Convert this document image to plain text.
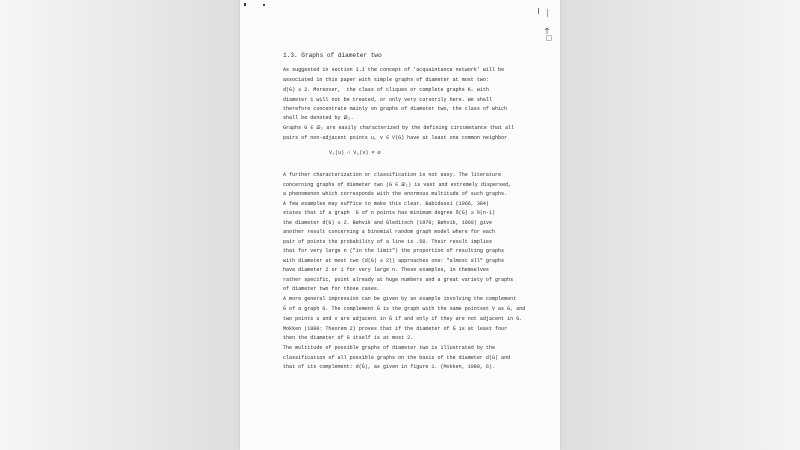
1.3. Graphs of diameter two
As suggested in section 1.1 the concept of 'acquaintance network' will be
associated in this paper with simple graphs of diameter at most two:
d(G) ≤ 2. Moreover,  the class of cliques or complete graphs Kₙ with
diameter 1 will not be treated, or only very cursorily here. We shall
therefore concentrate mainly on graphs of diameter two, the class of which
shall be denoted by 𝒟₂.
Graphs G ∈ 𝒟₂ are easily characterized by the defining circumstance that all
pairs of non-adjacent points u, v ∈ V(G) have at least one common neighbor
V₁(u) ∩ V₁(v) ≠ ∅
A further characterization or classification is not easy. The literature
concerning graphs of diameter two (G ∈ 𝒟₂) is vast and extremely dispersed,
a phenomenon which corresponds with the enormous multitude of such graphs.
A few examples may suffice to make this clear. Babidussi (1966, 384)
states that if a graph  G of n points has minimum degree δ(G) ≥ ½(n-1)
the diameter d(G) ≤ 2. Bøhvik and Gleditsch (1970; Bøhvik, 1969) give
another result concerning a binomial random graph model where for each
pair of points the probability of a line is .50. Their result implies
that for very large n ("in the limit") the proportion of resulting graphs
with diameter at most two (d(G) ≤ 2)) approaches one: "almost all" graphs
have diameter 2 or 1 for very large n. These examples, in themselves
rather specific, point already at huge numbers and a great variety of graphs
of diameter two for those cases.
A more general impression can be given by an example involving the complement
Ḡ of a graph G. The complement Ḡ is the graph with the same pointset V as G, and
two points u and v are adjacent in Ḡ if and only if they are not adjacent in G.
Mokken (1980: Theorem 2) proves that if the diameter of Ḡ is at least four
then the diameter of G itself is at most 2.
The multitude of possible graphs of diameter two is illustrated by the
classification of all possible graphs on the basis of the diameter d(G) and
that of its complement: d(Ḡ), as given in figure 1. (Mokken, 1980, 6).
